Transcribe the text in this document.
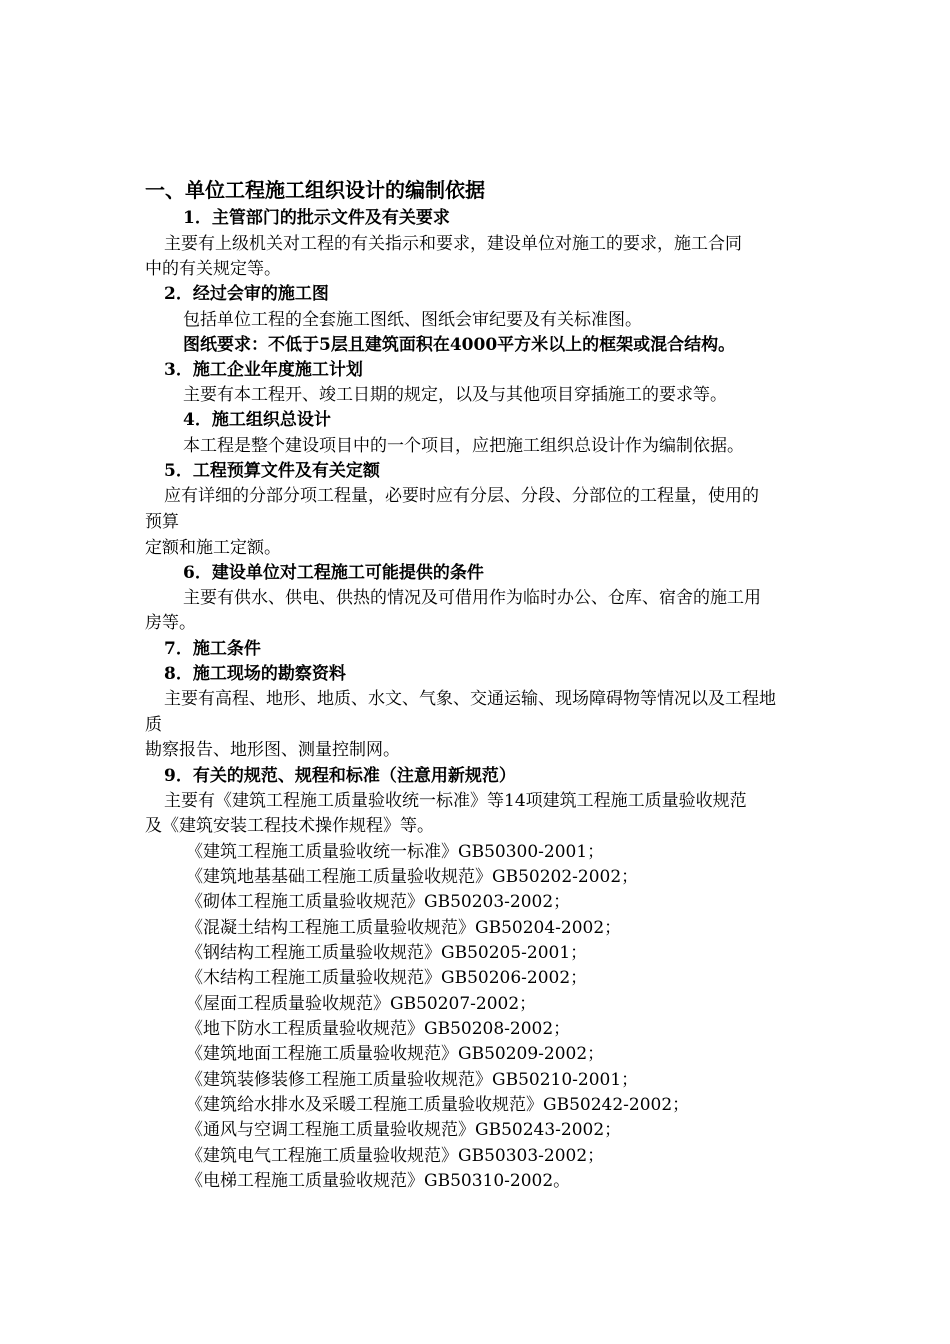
一、单位工程施工组织设计的编制依据
1．主管部门的批示文件及有关要求
主要有上级机关对工程的有关指示和要求，建设单位对施工的要求，施工合同
中的有关规定等。
2．经过会审的施工图
包括单位工程的全套施工图纸、图纸会审纪要及有关标准图。
图纸要求：不低于5层且建筑面积在4000平方米以上的框架或混合结构。
3．施工企业年度施工计划
主要有本工程开、竣工日期的规定，以及与其他项目穿插施工的要求等。
4．施工组织总设计
本工程是整个建设项目中的一个项目，应把施工组织总设计作为编制依据。
5．工程预算文件及有关定额
应有详细的分部分项工程量，必要时应有分层、分段、分部位的工程量，使用的
预算
定额和施工定额。
6．建设单位对工程施工可能提供的条件
主要有供水、供电、供热的情况及可借用作为临时办公、仓库、宿舍的施工用
房等。
7．施工条件
8．施工现场的勘察资料
主要有高程、地形、地质、水文、气象、交通运输、现场障碍物等情况以及工程地
质
勘察报告、地形图、测量控制网。
9．有关的规范、规程和标准（注意用新规范）
主要有《建筑工程施工质量验收统一标准》等14项建筑工程施工质量验收规范
及《建筑安装工程技术操作规程》等。
《建筑工程施工质量验收统一标准》GB50300-2001；
《建筑地基基础工程施工质量验收规范》GB50202-2002；
《砌体工程施工质量验收规范》GB50203-2002；
《混凝土结构工程施工质量验收规范》GB50204-2002；
《钢结构工程施工质量验收规范》GB50205-2001；
《木结构工程施工质量验收规范》GB50206-2002；
《屋面工程质量验收规范》GB50207-2002；
《地下防水工程质量验收规范》GB50208-2002；
《建筑地面工程施工质量验收规范》GB50209-2002；
《建筑装修装修工程施工质量验收规范》GB50210-2001；
《建筑给水排水及采暖工程施工质量验收规范》GB50242-2002；
《通风与空调工程施工质量验收规范》GB50243-2002；
《建筑电气工程施工质量验收规范》GB50303-2002；
《电梯工程施工质量验收规范》GB50310-2002。
